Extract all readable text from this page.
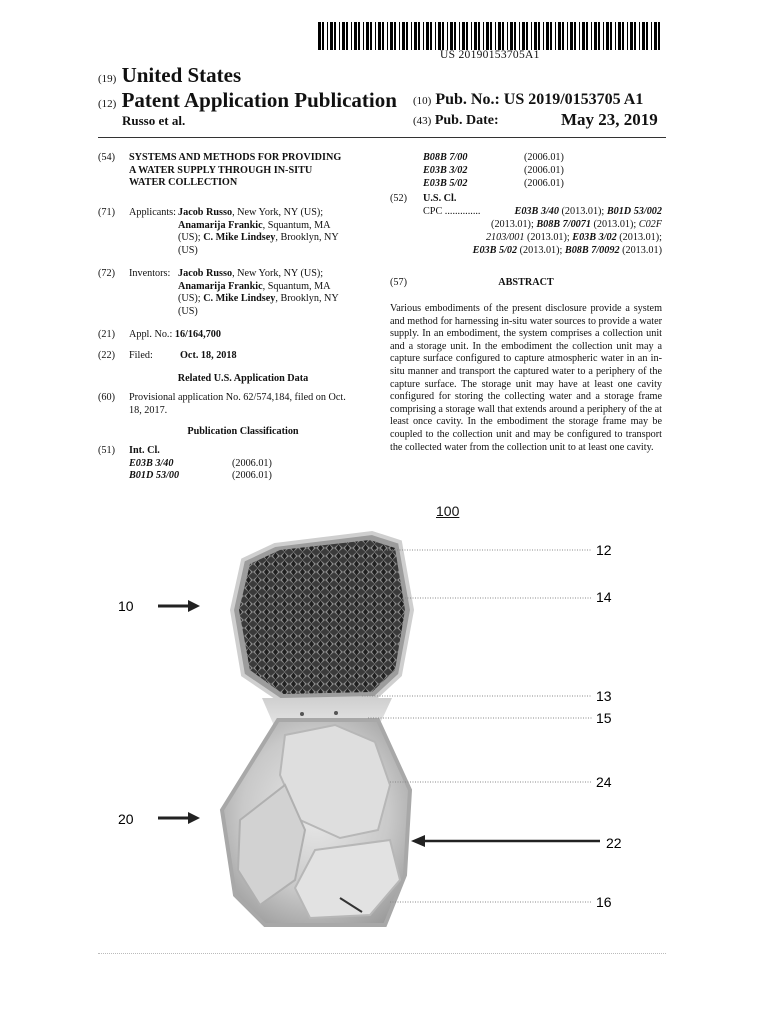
US 20190153705A1
(19) United States
(12) Patent Application Publication
Russo et al.
(10) Pub. No.: US 2019/0153705 A1
(43) Pub. Date:	May 23, 2019
(54) SYSTEMS AND METHODS FOR PROVIDING
A WATER SUPPLY THROUGH IN-SITU
WATER COLLECTION
(71) Applicants: Jacob Russo, New York, NY (US);
Anamarija Frankic, Squantum, MA
(US); C. Mike Lindsey, Brooklyn, NY
(US)
(72) Inventors: Jacob Russo, New York, NY (US);
Anamarija Frankic, Squantum, MA
(US); C. Mike Lindsey, Brooklyn, NY
(US)
(21) Appl. No.: 16/164,700
(22) Filed:	Oct. 18, 2018
Related U.S. Application Data
(60) Provisional application No. 62/574,184, filed on Oct.
18, 2017.
Publication Classification
(51) Int. Cl.
E03B 3/40	(2006.01)
B01D 53/00	(2006.01)
B08B 7/00	(2006.01)
E03B 3/02	(2006.01)
E03B 5/02	(2006.01)
(52) U.S. Cl.
CPC ..............	E03B 3/40 (2013.01); B01D 53/002
(2013.01); B08B 7/0071 (2013.01); C02F
2103/001 (2013.01); E03B 3/02 (2013.01);
E03B 5/02 (2013.01); B08B 7/0092 (2013.01)
(57)	ABSTRACT
Various embodiments of the present disclosure provide a system and method for harnessing in-situ water sources to provide a water supply. In an embodiment, the system comprises a collection unit and a storage unit. In the embodiment the collection unit may a capture surface configured to capture atmospheric water in an in-situ manner and transport the captured water to a periphery of the capture surface. The storage unit may have at least one cavity configured for storing the collecting water and a storage frame comprising a storage wall that extends around a periphery of the at least once cavity. In the embodiment the storage frame may be coupled to the collection unit and may be configured to transport the collected water from the collection unit to at least one cavity.
100
10
20
12
14
13
15
24
22
16
